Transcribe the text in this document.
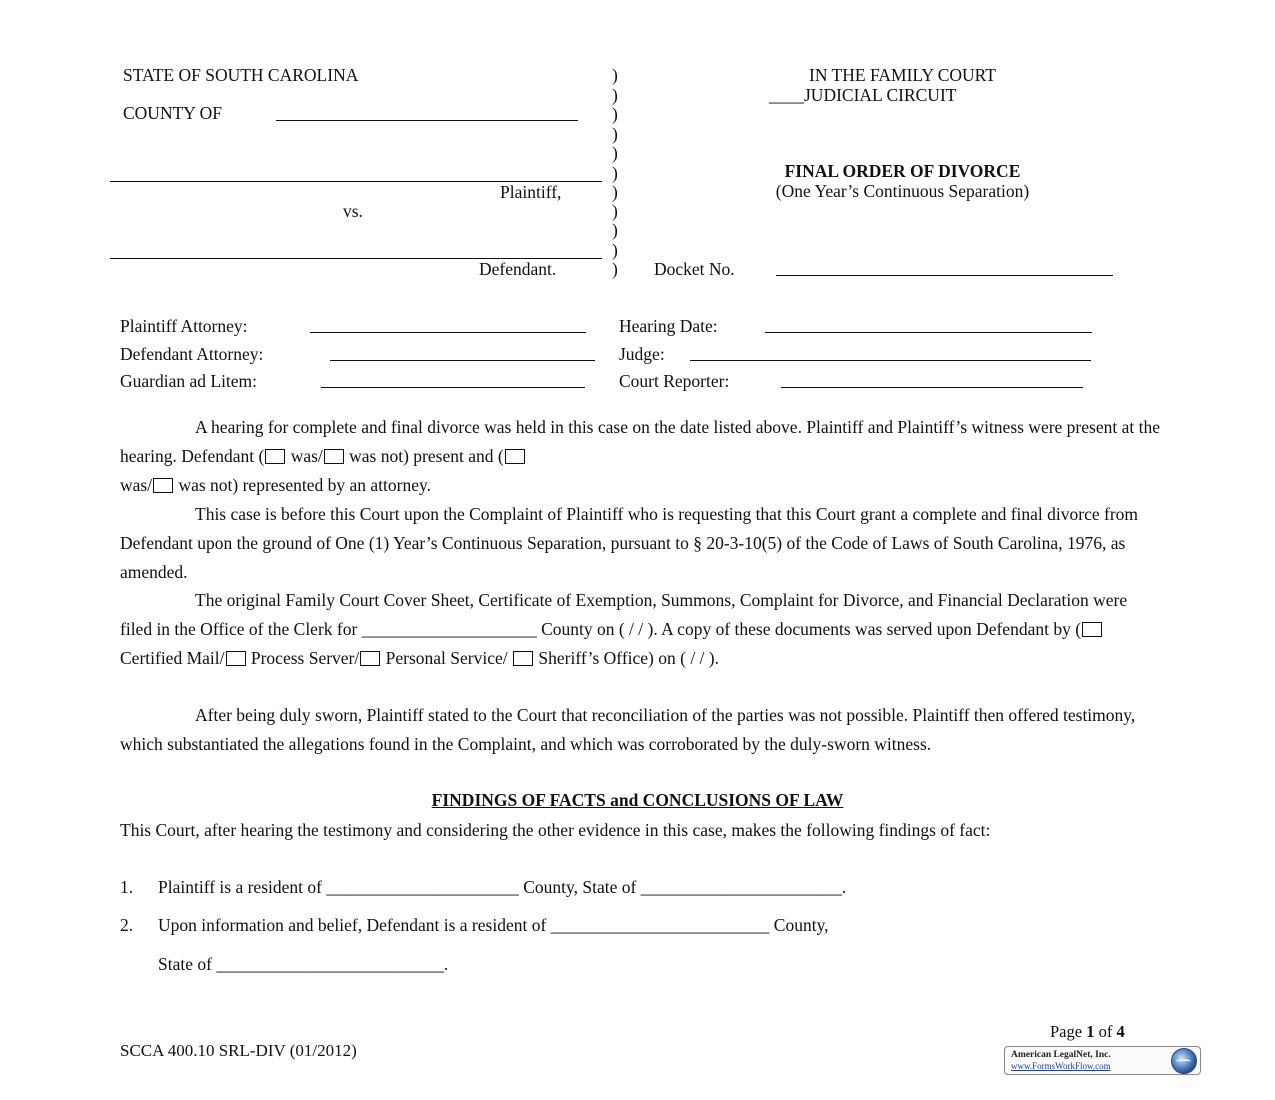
STATE OF SOUTH CAROLINA
COUNTY OF
Plaintiff,
vs.
Defendant.
)
)
)
)
)
)
)
)
)
)
)
IN THE FAMILY COURT
____JUDICIAL CIRCUIT
FINAL ORDER OF DIVORCE
(One Year’s Continuous Separation)
Docket No.
Plaintiff Attorney:
Defendant Attorney:
Guardian ad Litem:
Hearing Date:
Judge:
Court Reporter:
A hearing for complete and final divorce was held in this case on the date listed above. Plaintiff and Plaintiff’s witness were present at the hearing. Defendant ( was/ was not) present and (
was/ was not) represented by an attorney.
This case is before this Court upon the Complaint of Plaintiff who is requesting that this Court grant a complete and final divorce from Defendant upon the ground of One (1) Year’s Continuous Separation, pursuant to § 20-3-10(5) of the Code of Laws of South Carolina, 1976, as amended.
The original Family Court Cover Sheet, Certificate of Exemption, Summons, Complaint for Divorce, and Financial Declaration were filed in the Office of the Clerk for ____________________ County on ( / / ). A copy of these documents was served upon Defendant by ( Certified Mail/ Process Server/ Personal Service/ Sheriff’s Office) on ( / / ).
After being duly sworn, Plaintiff stated to the Court that reconciliation of the parties was not possible. Plaintiff then offered testimony, which substantiated the allegations found in the Complaint, and which was corroborated by the duly-sworn witness.
FINDINGS OF FACTS and CONCLUSIONS OF LAW
This Court, after hearing the testimony and considering the other evidence in this case, makes the following findings of fact:
1. Plaintiff is a resident of ______________________ County, State of _______________________.
2. Upon information and belief, Defendant is a resident of _________________________ County,
State of __________________________.
Page 1 of 4
SCCA 400.10 SRL-DIV (01/2012)	American LegalNet, Inc.
www.FormsWorkFlow.com
